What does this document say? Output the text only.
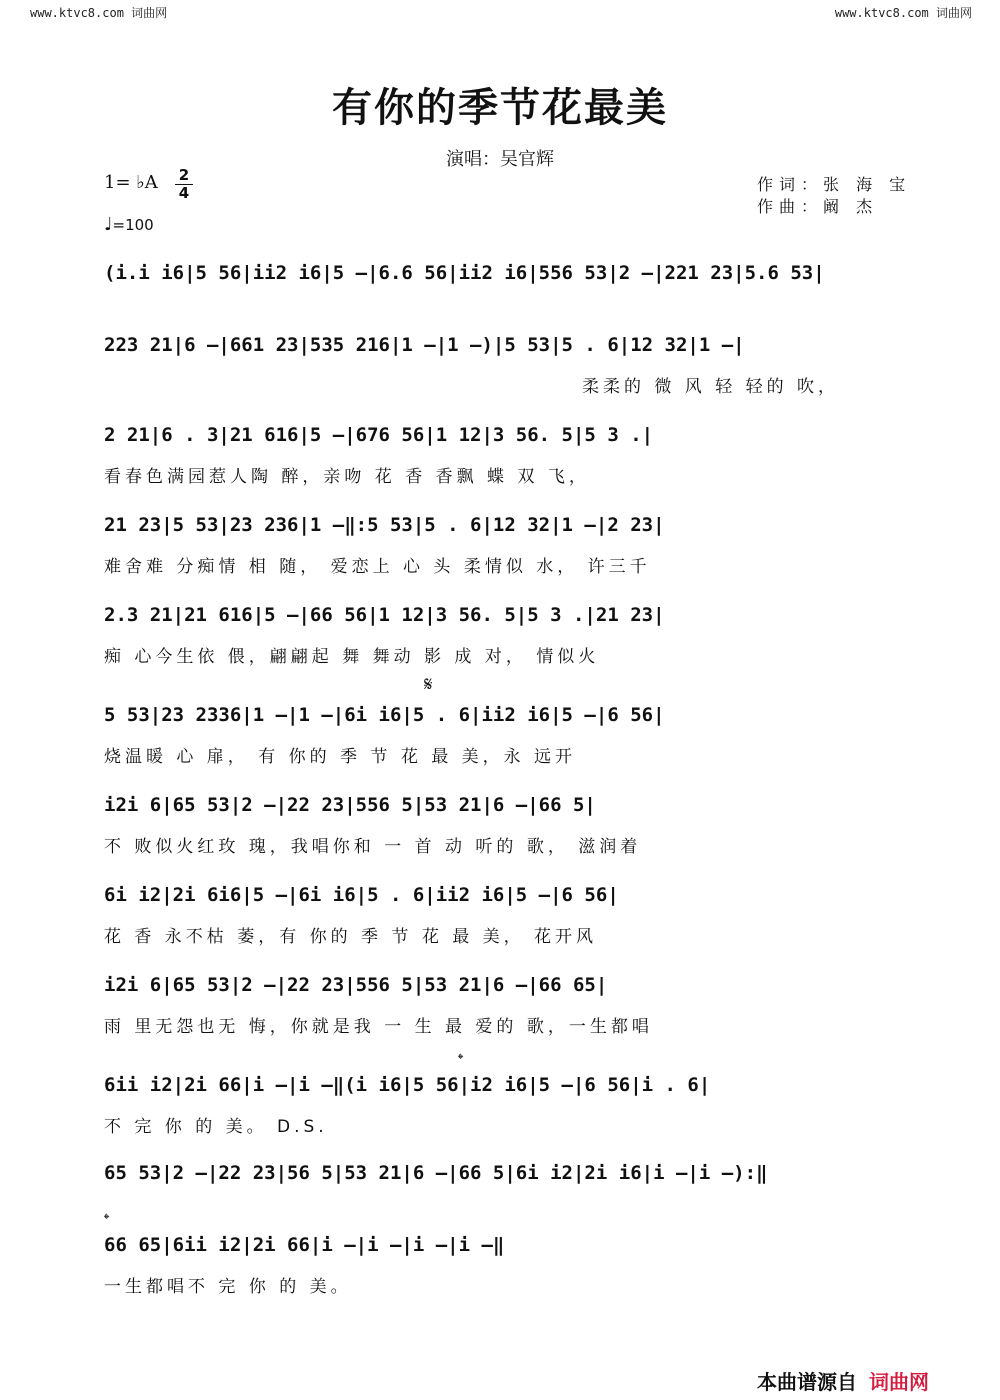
www.ktvc8.com 词曲网	www.ktvc8.com 词曲网
有你的季节花最美
演唱：吴官辉
1= ♭A 2
4
♩=100
作词：张 海 宝
作曲：阚 杰
(i.i i6|5 56|ii2 i6|5 –|6.6 56|ii2 i6|556 53|2 –|221 23|5.6 53|
223 21|6 –|661 23|535 216|1 –|1 –)|5 53|5 . 6|12 32|1 –|
柔柔的 微 风 轻 轻的 吹，
2 21|6 . 3|21 616|5 –|676 56|1 12|3 56. 5|5 3 .|
看春色满园惹人陶 醉，亲吻 花 香 香飘 蝶 双 飞，
21 23|5 53|23 236|1 –‖:5 53|5 . 6|12 32|1 –|2 23|
难舍难 分痴情 相 随， 爱恋上 心 头 柔情似 水， 许三千
2.3 21|21 616|5 –|66 56|1 12|3 56. 5|5 3 .|21 23|
痴 心今生依 偎，翩翩起 舞 舞动 影 成 对， 情似火
𝄋
5 53|23 2336|1 –|1 –|6i i6|5 . 6|ii2 i6|5 –|6 56|
烧温暖 心 扉， 有 你的 季 节 花 最 美，永 远开
i2i 6|65 53|2 –|22 23|556 5|53 21|6 –|66 5|
不 败似火红玫 瑰，我唱你和 一 首 动 听的 歌， 滋润着
6i i2|2i 6i6|5 –|6i i6|5 . 6|ii2 i6|5 –|6 56|
花 香 永不枯 萎，有 你的 季 节 花 最 美， 花开风
i2i 6|65 53|2 –|22 23|556 5|53 21|6 –|66 65|
雨 里无怨也无 悔，你就是我 一 生 最 爱的 歌，一生都唱
𝄌
6ii i2|2i 66|i –|i –‖(i i6|5 56|i2 i6|5 –|6 56|i . 6|
不 完 你 的 美。 D.S.
65 53|2 –|22 23|56 5|53 21|6 –|66 5|6i i2|2i i6|i –|i –):‖
𝄌
66 65|6ii i2|2i 66|i –|i –|i –|i –‖
一生都唱不 完 你 的 美。
本曲谱源自 词曲网
